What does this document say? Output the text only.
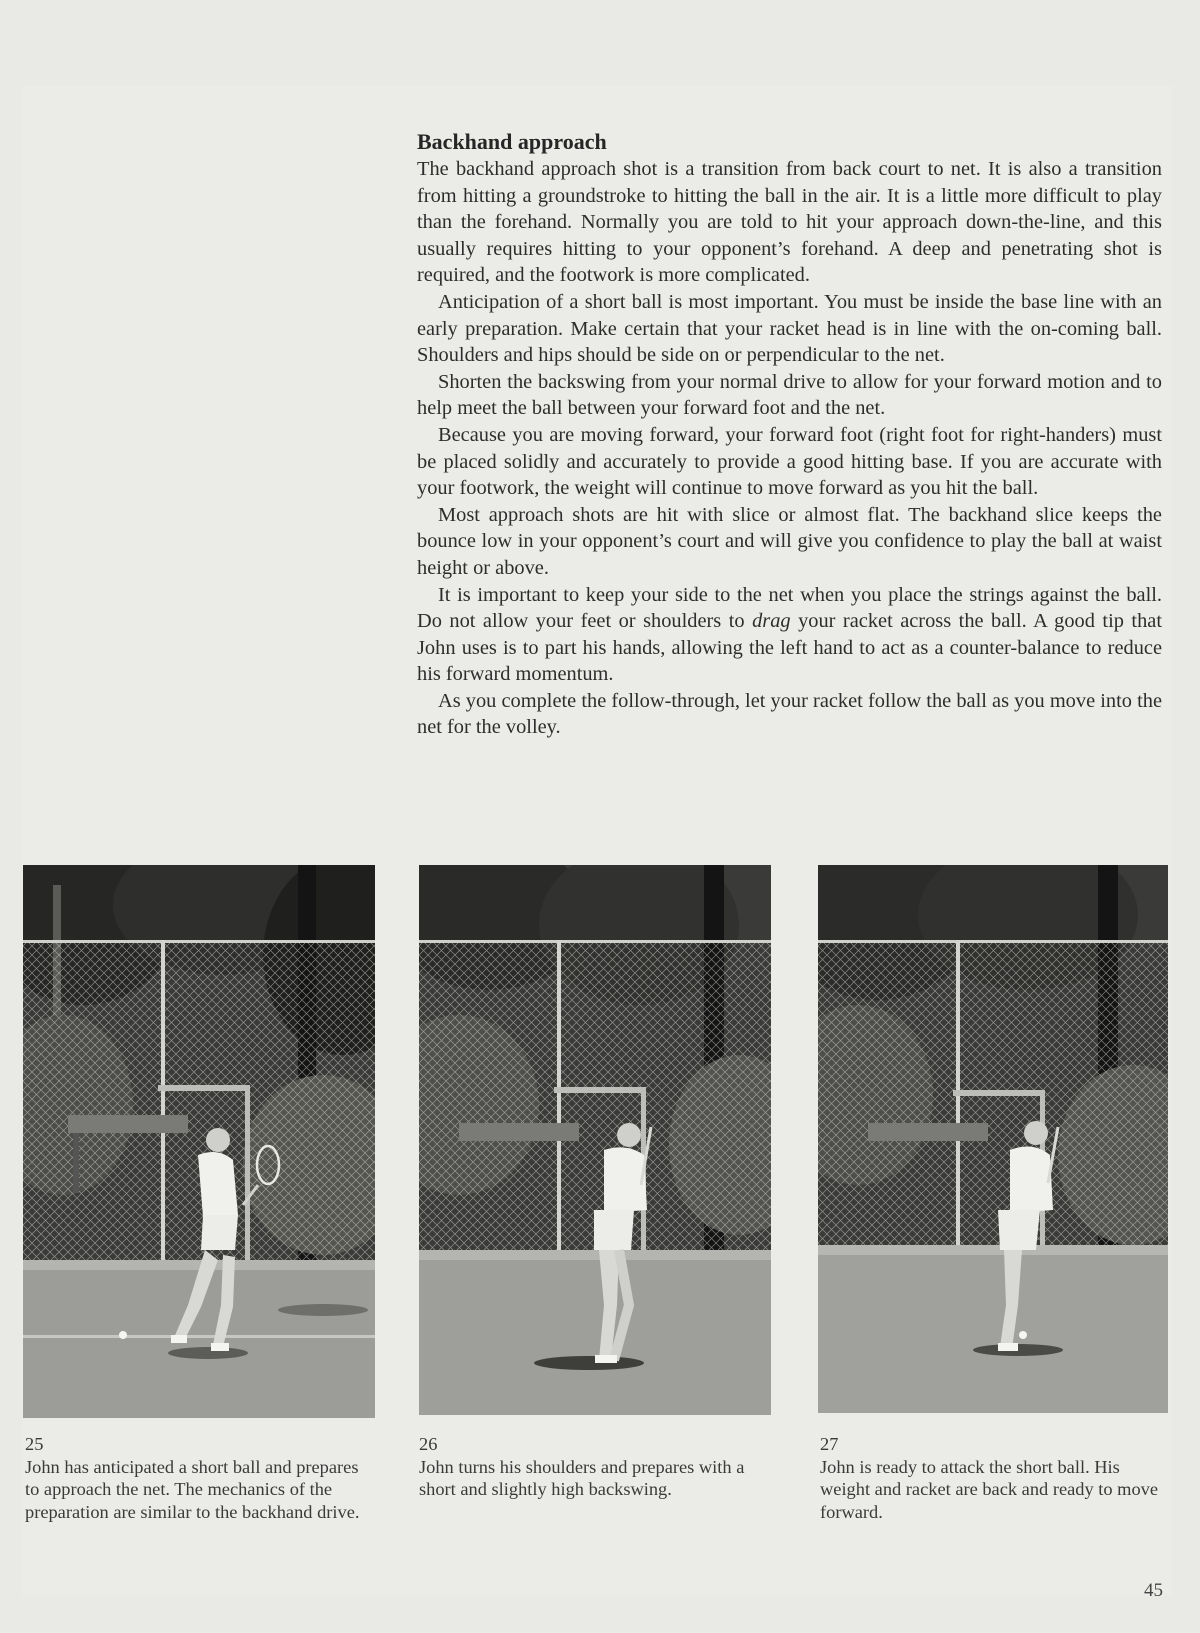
Backhand approach

The backhand approach shot is a transition from back court to net. It is also a transition from hitting a groundstroke to hitting the ball in the air. It is a little more difficult to play than the forehand. Normally you are told to hit your approach down-the-line, and this usually requires hitting to your opponent’s forehand. A deep and penetrating shot is required, and the footwork is more complicated.

Anticipation of a short ball is most important. You must be inside the base line with an early preparation. Make certain that your racket head is in line with the on-coming ball. Shoulders and hips should be side on or perpendicular to the net.

Shorten the backswing from your normal drive to allow for your forward motion and to help meet the ball between your forward foot and the net.

Because you are moving forward, your forward foot (right foot for right-handers) must be placed solidly and accurately to provide a good hitting base. If you are accurate with your footwork, the weight will continue to move forward as you hit the ball.

Most approach shots are hit with slice or almost flat. The backhand slice keeps the bounce low in your opponent’s court and will give you confidence to play the ball at waist height or above.

It is important to keep your side to the net when you place the strings against the ball. Do not allow your feet or shoulders to drag your racket across the ball. A good tip that John uses is to part his hands, allowing the left hand to act as a counter-balance to reduce his forward momentum.

As you complete the follow-through, let your racket follow the ball as you move into the net for the volley.

25
John has anticipated a short ball and prepares to approach the net. The mechanics of the preparation are similar to the backhand drive.
26
John turns his shoulders and prepares with a short and slightly high backswing.
27
John is ready to attack the short ball. His weight and racket are back and ready to move forward.
45
